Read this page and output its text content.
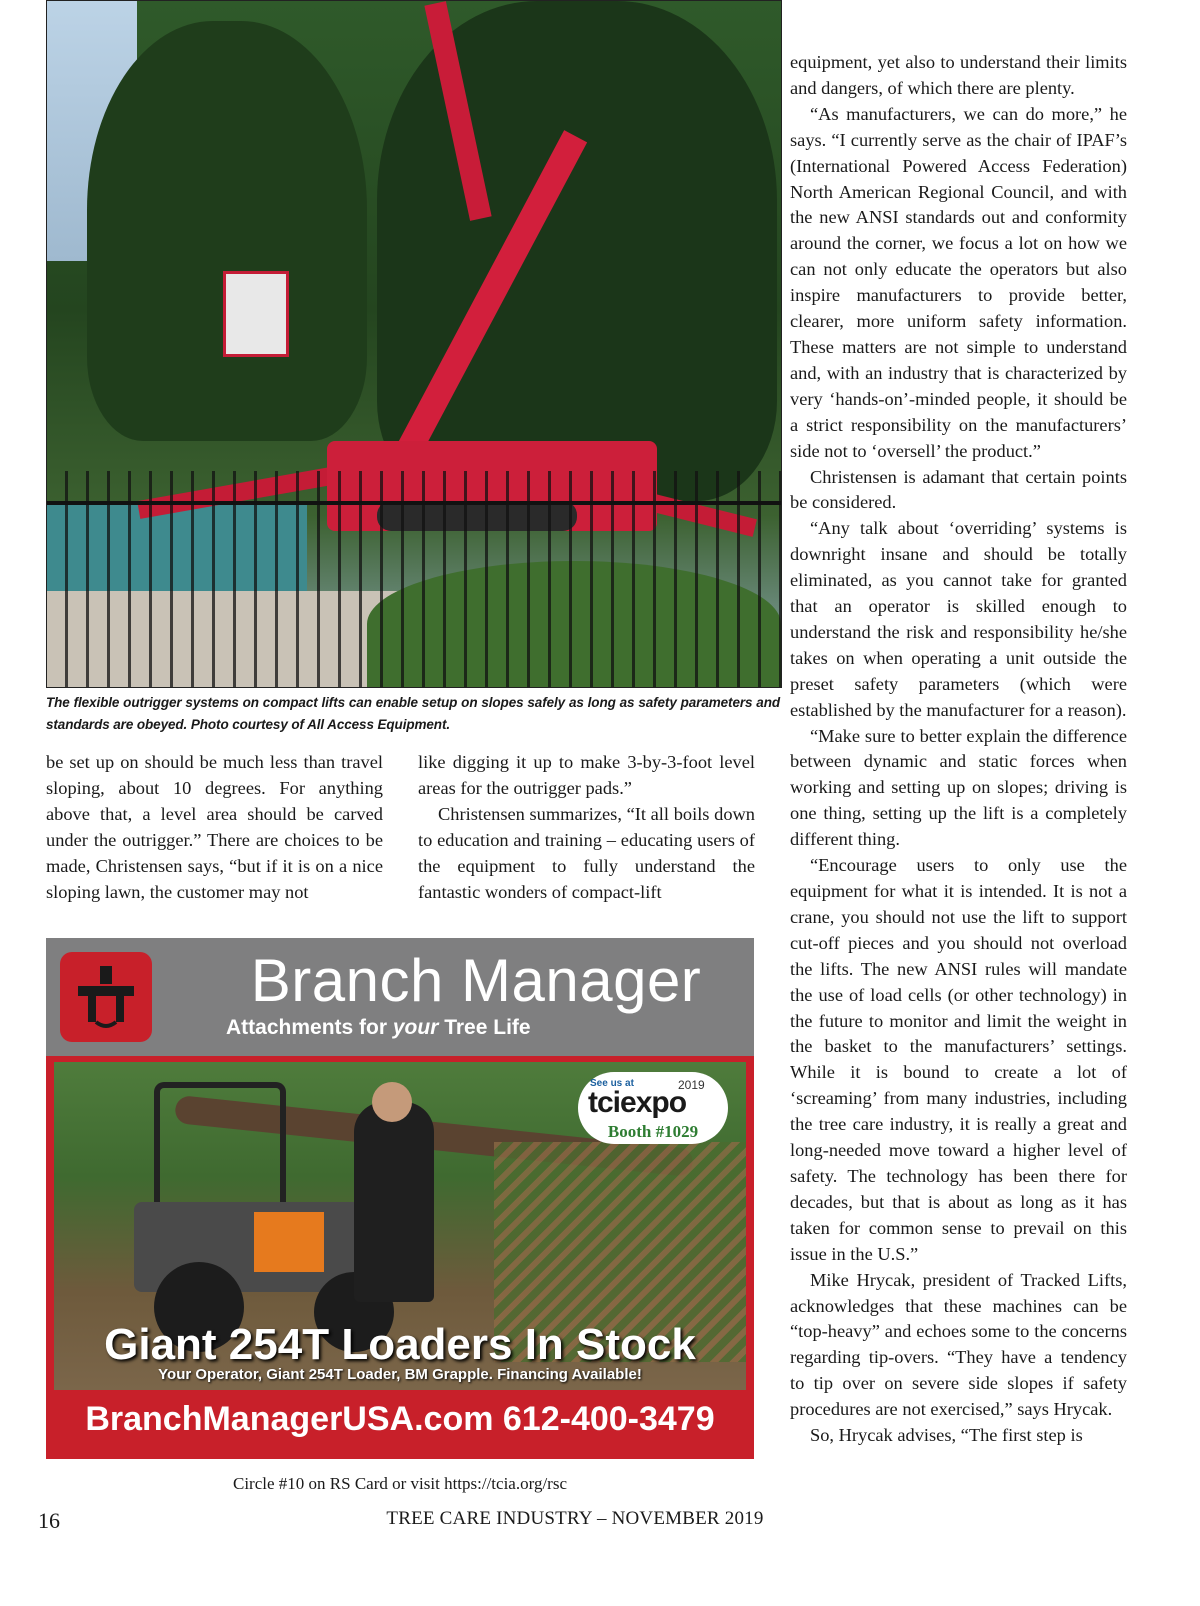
The flexible outrigger systems on compact lifts can enable setup on slopes safely as long as safety parameters and standards are obeyed. Photo courtesy of All Access Equipment.

be set up on should be much less than travel sloping, about 10 degrees. For anything above that, a level area should be carved under the outrigger.” There are choices to be made, Christensen says, “but if it is on a nice sloping lawn, the customer may not

like digging it up to make 3-by-3-foot level areas for the outrigger pads.”

Christensen summarizes, “It all boils down to education and training – educating users of the equipment to fully understand the fantastic wonders of compact-lift

equipment, yet also to understand their limits and dangers, of which there are plenty.

“As manufacturers, we can do more,” he says. “I currently serve as the chair of IPAF’s (International Powered Access Federation) North American Regional Council, and with the new ANSI standards out and conformity around the corner, we focus a lot on how we can not only educate the operators but also inspire manufacturers to provide better, clearer, more uniform safety information. These matters are not simple to understand and, with an industry that is characterized by very ‘hands-on’-minded people, it should be a strict responsibility on the manufacturers’ side not to ‘oversell’ the product.”

Christensen is adamant that certain points be considered.

“Any talk about ‘overriding’ systems is downright insane and should be totally eliminated, as you cannot take for granted that an operator is skilled enough to understand the risk and responsibility he/she takes on when operating a unit outside the preset safety parameters (which were established by the manufacturer for a reason).

“Make sure to better explain the difference between dynamic and static forces when working and setting up on slopes; driving is one thing, setting up the lift is a completely different thing.

“Encourage users to only use the equipment for what it is intended. It is not a crane, you should not use the lift to support cut-off pieces and you should not overload the lifts. The new ANSI rules will mandate the use of load cells (or other technology) in the future to monitor and limit the weight in the basket to the manufacturers’ settings. While it is bound to create a lot of ‘screaming’ from many industries, including the tree care industry, it is really a great and long-needed move toward a higher level of safety. The technology has been there for decades, but that is about as long as it has taken for common sense to prevail on this issue in the U.S.”

Mike Hrycak, president of Tracked Lifts, acknowledges that these machines can be “top-heavy” and echoes some to the concerns regarding tip-overs. “They have a tendency to tip over on severe side slopes if safety procedures are not exercised,” says Hrycak.

So, Hrycak advises, “The first step is

Branch Manager
Attachments for your Tree Life
See us at	2019
tciexpo
Booth #1029
Giant 254T Loaders In Stock
Your Operator, Giant 254T Loader, BM Grapple. Financing Available!
BranchManagerUSA.com 612-400-3479
Circle #10 on RS Card or visit https://tcia.org/rsc
16	TREE CARE INDUSTRY – NOVEMBER 2019
